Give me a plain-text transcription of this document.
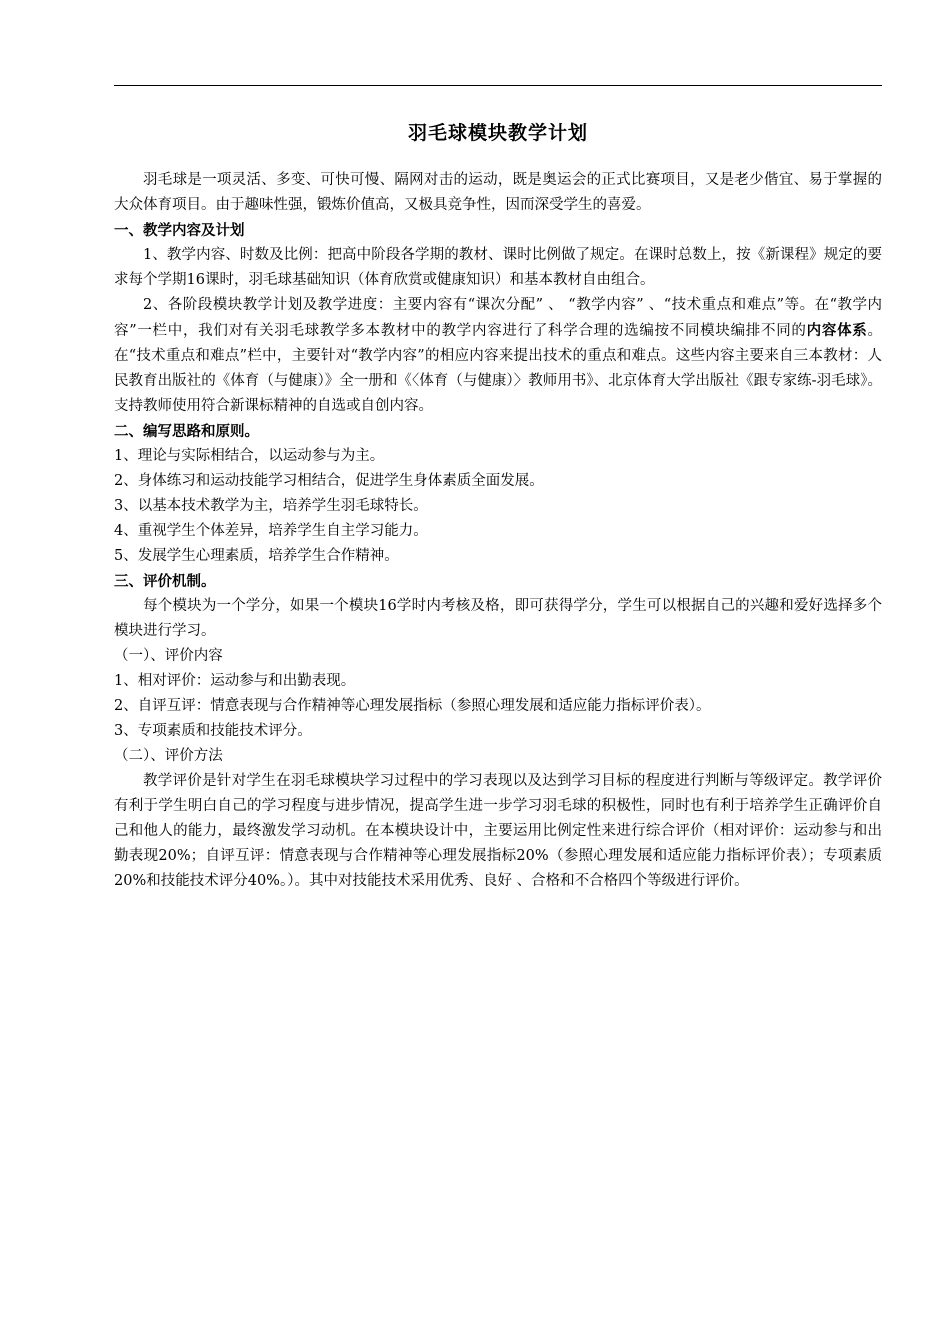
羽毛球模块教学计划

羽毛球是一项灵活、多变、可快可慢、隔网对击的运动，既是奥运会的正式比赛项目，又是老少偕宜、易于掌握的大众体育项目。由于趣味性强，锻炼价值高，又极具竞争性，因而深受学生的喜爱。

一、教学内容及计划

1、教学内容、时数及比例：把高中阶段各学期的教材、课时比例做了规定。在课时总数上，按《新课程》规定的要求每个学期16课时，羽毛球基础知识（体育欣赏或健康知识）和基本教材自由组合。

2、各阶段模块教学计划及教学进度：主要内容有“课次分配” 、 “教学内容” 、“技术重点和难点”等。在“教学内容”一栏中，我们对有关羽毛球教学多本教材中的教学内容进行了科学合理的选编按不同模块编排不同的内容体系。在“技术重点和难点”栏中，主要针对“教学内容”的相应内容来提出技术的重点和难点。这些内容主要来自三本教材：人民教育出版社的《体育（与健康）》全一册和《〈体育（与健康）〉教师用书》、北京体育大学出版社《跟专家练-羽毛球》。支持教师使用符合新课标精神的自选或自创内容。

二、编写思路和原则。

1、理论与实际相结合，以运动参与为主。

2、身体练习和运动技能学习相结合，促进学生身体素质全面发展。

3、以基本技术教学为主，培养学生羽毛球特长。

4、重视学生个体差异，培养学生自主学习能力。

5、发展学生心理素质，培养学生合作精神。

三、评价机制。

每个模块为一个学分，如果一个模块16学时内考核及格，即可获得学分，学生可以根据自己的兴趣和爱好选择多个模块进行学习。

（一）、评价内容

1、相对评价：运动参与和出勤表现。

2、自评互评：情意表现与合作精神等心理发展指标（参照心理发展和适应能力指标评价表）。

3、专项素质和技能技术评分。

（二）、评价方法

教学评价是针对学生在羽毛球模块学习过程中的学习表现以及达到学习目标的程度进行判断与等级评定。教学评价有利于学生明白自己的学习程度与进步情况，提高学生进一步学习羽毛球的积极性，同时也有利于培养学生正确评价自己和他人的能力，最终激发学习动机。在本模块设计中，主要运用比例定性来进行综合评价（相对评价：运动参与和出勤表现20%；自评互评：情意表现与合作精神等心理发展指标20%（参照心理发展和适应能力指标评价表）；专项素质20%和技能技术评分40%。）。其中对技能技术采用优秀、良好 、合格和不合格四个等级进行评价。
